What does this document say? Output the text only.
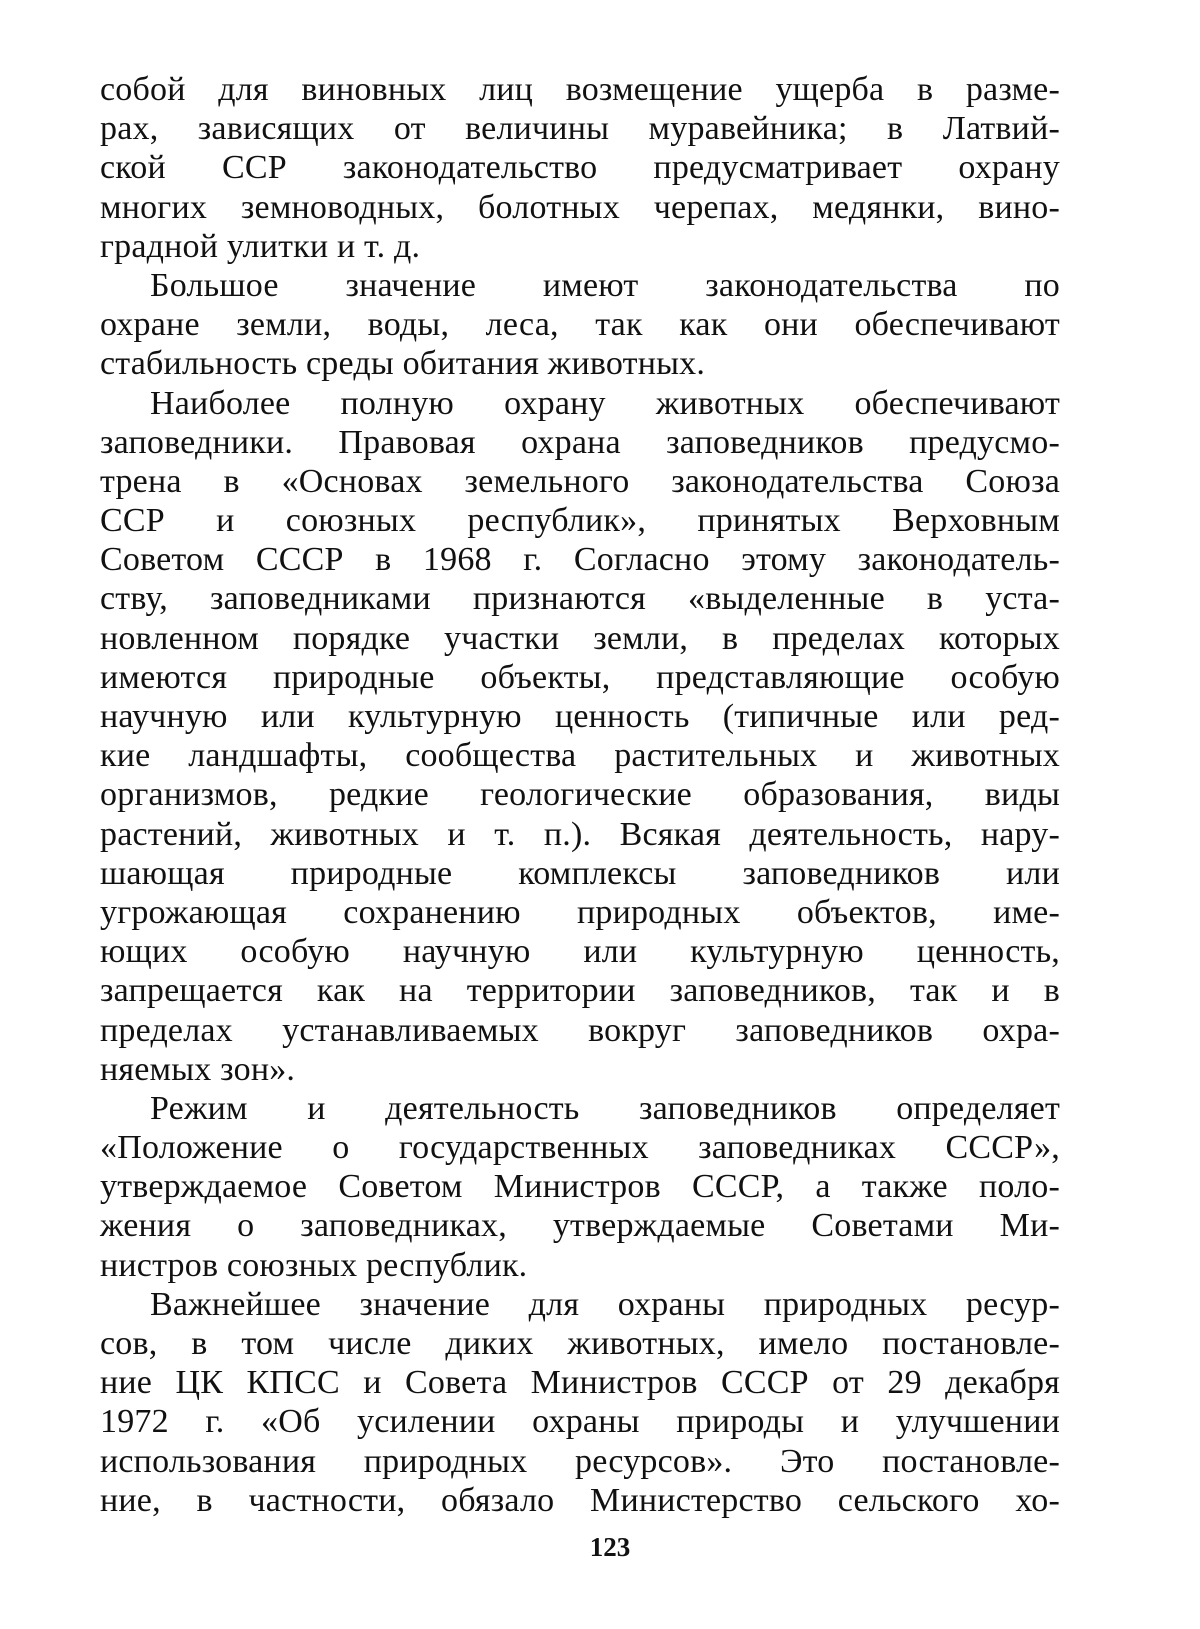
собой для виновных лиц возмещение ущерба в разме-
рах, зависящих от величины муравейника; в Латвий-
ской ССР законодательство предусматривает охрану
многих земноводных, болотных черепах, медянки, вино-
градной улитки и т. д.
Большое значение имеют законодательства по
охране земли, воды, леса, так как они обеспечивают
стабильность среды обитания животных.
Наиболее полную охрану животных обеспечивают
заповедники. Правовая охрана заповедников предусмо-
трена в «Основах земельного законодательства Союза
ССР и союзных республик», принятых Верховным
Советом СССР в 1968 г. Согласно этому законодатель-
ству, заповедниками признаются «выделенные в уста-
новленном порядке участки земли, в пределах которых
имеются природные объекты, представляющие особую
научную или культурную ценность (типичные или ред-
кие ландшафты, сообщества растительных и животных
организмов, редкие геологические образования, виды
растений, животных и т. п.). Всякая деятельность, нару-
шающая природные комплексы заповедников или
угрожающая сохранению природных объектов, име-
ющих особую научную или культурную ценность,
запрещается как на территории заповедников, так и в
пределах устанавливаемых вокруг заповедников охра-
няемых зон».
Режим и деятельность заповедников определяет
«Положение о государственных заповедниках СССР»,
утверждаемое Советом Министров СССР, а также поло-
жения о заповедниках, утверждаемые Советами Ми-
нистров союзных республик.
Важнейшее значение для охраны природных ресур-
сов, в том числе диких животных, имело постановле-
ние ЦК КПСС и Совета Министров СССР от 29 декабря
1972 г. «Об усилении охраны природы и улучшении
использования природных ресурсов». Это постановле-
ние, в частности, обязало Министерство сельского хо-
123
